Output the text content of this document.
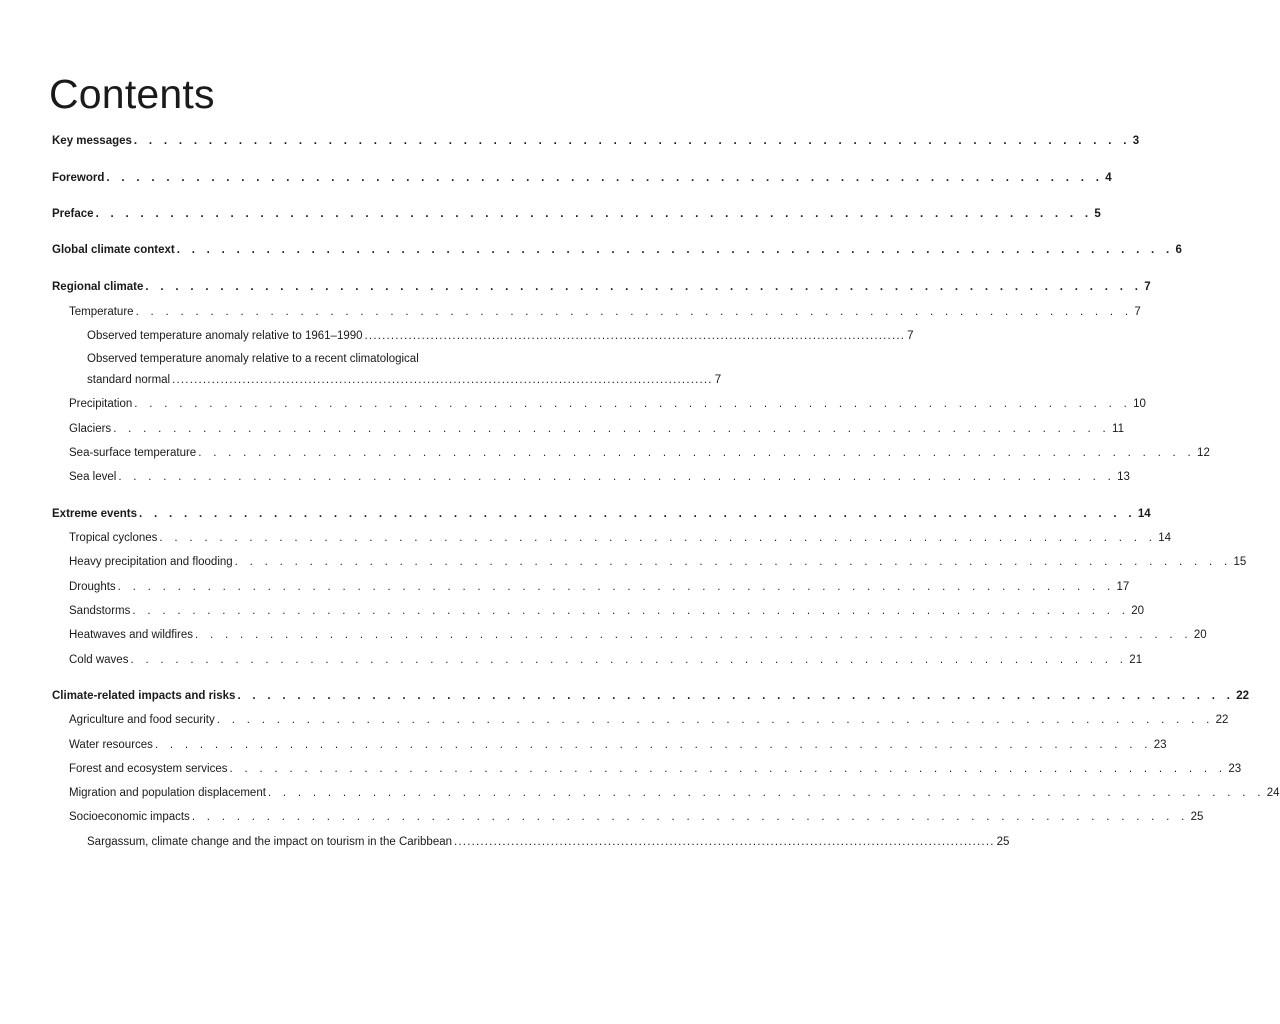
Contents
Key messages . . . . . . . . . . . . . . . . . . . . . . . . . . . . . . . . . . . . . . . . . . . . . . . . . . . . . . . . . . . . . . . . . . . 3
Foreword . . . . . . . . . . . . . . . . . . . . . . . . . . . . . . . . . . . . . . . . . . . . . . . . . . . . . . . . . . . . . . . . . . . 4
Preface . . . . . . . . . . . . . . . . . . . . . . . . . . . . . . . . . . . . . . . . . . . . . . . . . . . . . . . . . . . . . . . . . . . 5
Global climate context . . . . . . . . . . . . . . . . . . . . . . . . . . . . . . . . . . . . . . . . . . . . . . . . . . . . . . . . . . . . . . . . . . . 6
Regional climate . . . . . . . . . . . . . . . . . . . . . . . . . . . . . . . . . . . . . . . . . . . . . . . . . . . . . . . . . . . . . . . . . . . 7
Temperature . . . . . . . . . . . . . . . . . . . . . . . . . . . . . . . . . . . . . . . . . . . . . . . . . . . . . . . . . . . . . . . . . . . 7
Observed temperature anomaly relative to 1961–1990 ........................................................................................................................... 7
Observed temperature anomaly relative to a recent climatological
standard normal ........................................................................................................................... 7
Precipitation . . . . . . . . . . . . . . . . . . . . . . . . . . . . . . . . . . . . . . . . . . . . . . . . . . . . . . . . . . . . . . . . . . . 10
Glaciers . . . . . . . . . . . . . . . . . . . . . . . . . . . . . . . . . . . . . . . . . . . . . . . . . . . . . . . . . . . . . . . . . . . 11
Sea-surface temperature . . . . . . . . . . . . . . . . . . . . . . . . . . . . . . . . . . . . . . . . . . . . . . . . . . . . . . . . . . . . . . . . . . . 12
Sea level . . . . . . . . . . . . . . . . . . . . . . . . . . . . . . . . . . . . . . . . . . . . . . . . . . . . . . . . . . . . . . . . . . . 13
Extreme events . . . . . . . . . . . . . . . . . . . . . . . . . . . . . . . . . . . . . . . . . . . . . . . . . . . . . . . . . . . . . . . . . . . 14
Tropical cyclones . . . . . . . . . . . . . . . . . . . . . . . . . . . . . . . . . . . . . . . . . . . . . . . . . . . . . . . . . . . . . . . . . . . 14
Heavy precipitation and flooding . . . . . . . . . . . . . . . . . . . . . . . . . . . . . . . . . . . . . . . . . . . . . . . . . . . . . . . . . . . . . . . . . . . 15
Droughts . . . . . . . . . . . . . . . . . . . . . . . . . . . . . . . . . . . . . . . . . . . . . . . . . . . . . . . . . . . . . . . . . . . 17
Sandstorms . . . . . . . . . . . . . . . . . . . . . . . . . . . . . . . . . . . . . . . . . . . . . . . . . . . . . . . . . . . . . . . . . . . 20
Heatwaves and wildfires . . . . . . . . . . . . . . . . . . . . . . . . . . . . . . . . . . . . . . . . . . . . . . . . . . . . . . . . . . . . . . . . . . . 20
Cold waves . . . . . . . . . . . . . . . . . . . . . . . . . . . . . . . . . . . . . . . . . . . . . . . . . . . . . . . . . . . . . . . . . . . 21
Climate-related impacts and risks . . . . . . . . . . . . . . . . . . . . . . . . . . . . . . . . . . . . . . . . . . . . . . . . . . . . . . . . . . . . . . . . . . . 22
Agriculture and food security . . . . . . . . . . . . . . . . . . . . . . . . . . . . . . . . . . . . . . . . . . . . . . . . . . . . . . . . . . . . . . . . . . . 22
Water resources . . . . . . . . . . . . . . . . . . . . . . . . . . . . . . . . . . . . . . . . . . . . . . . . . . . . . . . . . . . . . . . . . . . 23
Forest and ecosystem services . . . . . . . . . . . . . . . . . . . . . . . . . . . . . . . . . . . . . . . . . . . . . . . . . . . . . . . . . . . . . . . . . . . 23
Migration and population displacement . . . . . . . . . . . . . . . . . . . . . . . . . . . . . . . . . . . . . . . . . . . . . . . . . . . . . . . . . . . . . . . . . . . 24
Socioeconomic impacts . . . . . . . . . . . . . . . . . . . . . . . . . . . . . . . . . . . . . . . . . . . . . . . . . . . . . . . . . . . . . . . . . . . 25
Sargassum, climate change and the impact on tourism in the Caribbean ........................................................................................................................... 25
